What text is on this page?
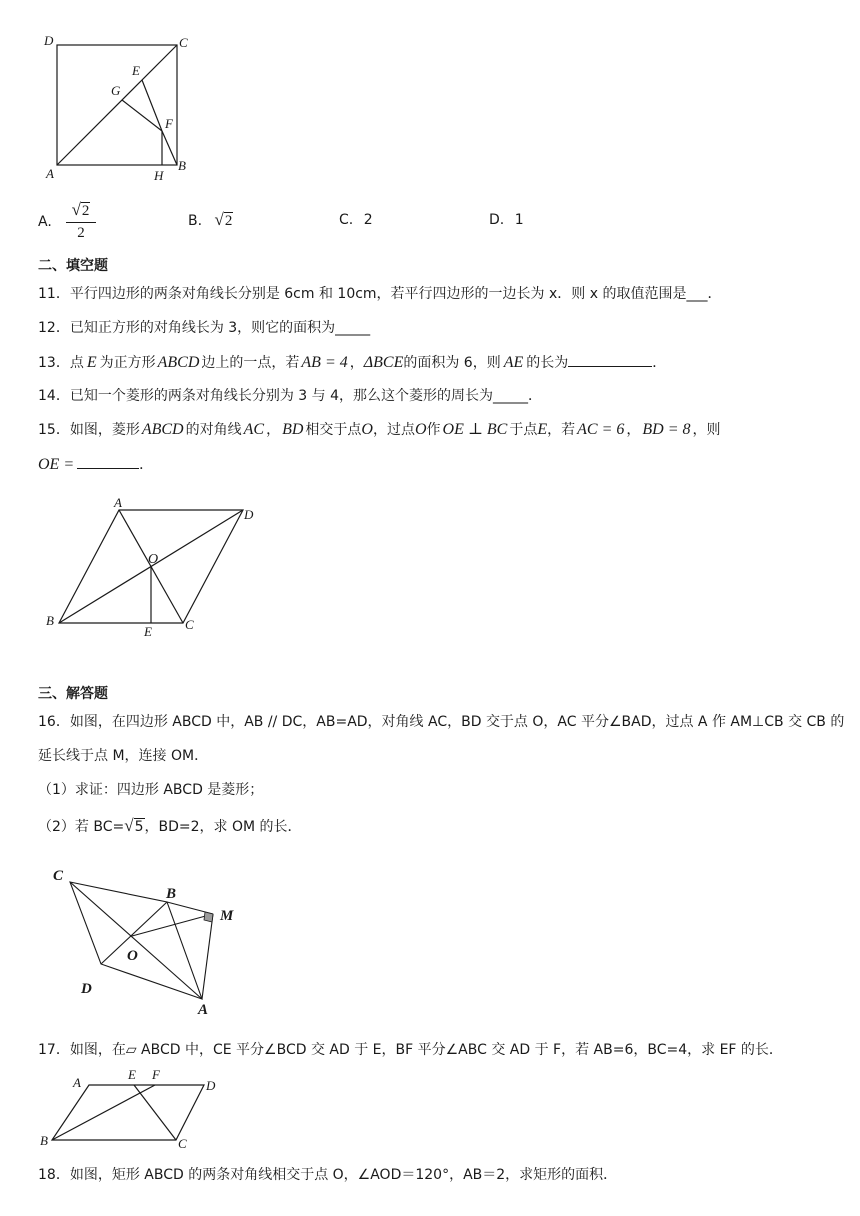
D	C
E
G
F
A	H
B
A.
√2
2
B. √2	C. 2	D. 1
二、填空题
11．平行四边形的两条对角线长分别是 6cm 和 10cm，若平行四边形的一边长为 x．则 x 的取值范围是___．
12．已知正方形的对角线长为 3，则它的面积为_____
13．点 E 为正方形 ABCD 边上的一点，若 AB = 4 ，ΔBCE的面积为 6，则 AE 的长为	．
14．已知一个菱形的两条对角线长分别为 3 与 4，那么这个菱形的周长为_____．
15．如图，菱形 ABCD 的对角线 AC ， BD 相交于点O，过点O作 OE ⊥ BC 于点E，若 AC = 6 ， BD = 8 ，则
OE =	．
A
D
O
B
E	C
三、解答题
16．如图，在四边形 ABCD 中，AB // DC，AB=AD，对角线 AC，BD 交于点 O，AC 平分∠BAD，过点 A 作 AM⊥CB 交 CB 的
延长线于点 M，连接 OM．
（1）求证：四边形 ABCD 是菱形；
（2）若 BC=√5，BD=2，求 OM 的长．
C
B
M
O
D
A
17．如图，在▱ ABCD 中，CE 平分∠BCD 交 AD 于 E，BF 平分∠ABC 交 AD 于 F，若 AB=6，BC=4，求 EF 的长．
A
E F
D
B	C
18．如图，矩形 ABCD 的两条对角线相交于点 O，∠AOD＝120°，AB＝2，求矩形的面积．
